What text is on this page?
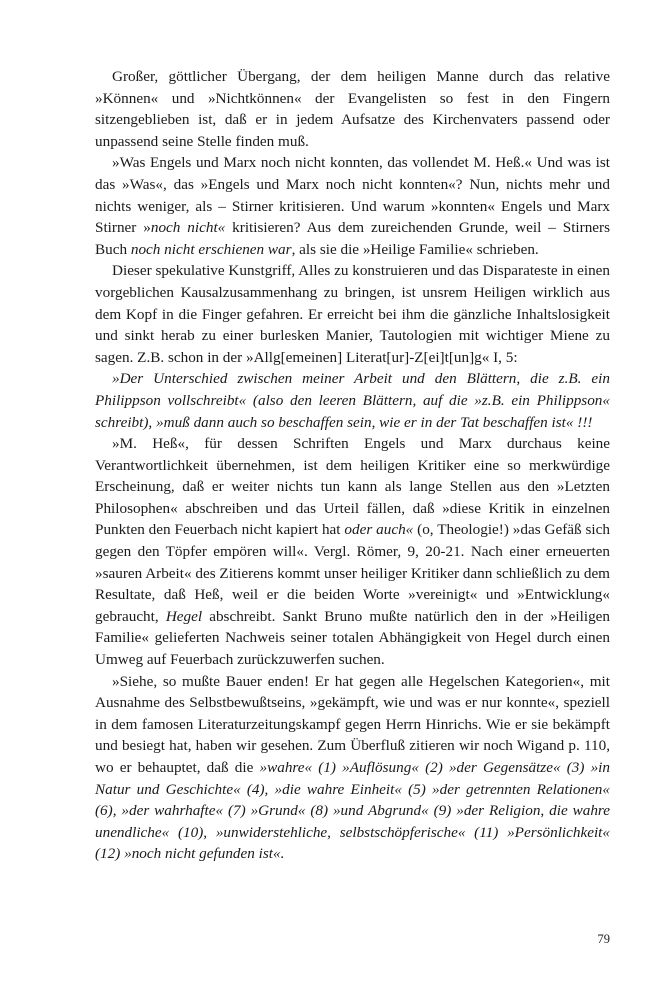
Großer, göttlicher Übergang, der dem heiligen Manne durch das relative »Können« und »Nichtkönnen« der Evangelisten so fest in den Fingern sitzengeblieben ist, daß er in jedem Aufsatze des Kirchenvaters passend oder unpassend seine Stelle finden muß.

»Was Engels und Marx noch nicht konnten, das vollendet M. Heß.« Und was ist das »Was«, das »Engels und Marx noch nicht konnten«? Nun, nichts mehr und nichts weniger, als – Stirner kritisieren. Und warum »konnten« Engels und Marx Stirner »noch nicht« kritisieren? Aus dem zureichenden Grunde, weil – Stirners Buch noch nicht erschienen war, als sie die »Heilige Familie« schrieben.

Dieser spekulative Kunstgriff, Alles zu konstruieren und das Disparateste in einen vorgeblichen Kausalzusammenhang zu bringen, ist unsrem Heiligen wirklich aus dem Kopf in die Finger gefahren. Er erreicht bei ihm die gänzliche Inhaltslosigkeit und sinkt herab zu einer burlesken Manier, Tautologien mit wichtiger Miene zu sagen. Z.B. schon in der »Allg[emeinen] Literat[ur]-Z[ei]t[un]g« I, 5:

»Der Unterschied zwischen meiner Arbeit und den Blättern, die z.B. ein Philippson vollschreibt« (also den leeren Blättern, auf die »z.B. ein Philippson« schreibt), »muß dann auch so beschaffen sein, wie er in der Tat beschaffen ist« !!!

»M. Heß«, für dessen Schriften Engels und Marx durchaus keine Verantwortlichkeit übernehmen, ist dem heiligen Kritiker eine so merkwürdige Erscheinung, daß er weiter nichts tun kann als lange Stellen aus den »Letzten Philosophen« abschreiben und das Urteil fällen, daß »diese Kritik in einzelnen Punkten den Feuerbach nicht kapiert hat oder auch« (o, Theologie!) »das Gefäß sich gegen den Töpfer empören will«. Vergl. Römer, 9, 20-21. Nach einer erneuerten »sauren Arbeit« des Zitierens kommt unser heiliger Kritiker dann schließlich zu dem Resultate, daß Heß, weil er die beiden Worte »vereinigt« und »Entwicklung« gebraucht, Hegel abschreibt. Sankt Bruno mußte natürlich den in der »Heiligen Familie« gelieferten Nachweis seiner totalen Abhängigkeit von Hegel durch einen Umweg auf Feuerbach zurückzuwerfen suchen.

»Siehe, so mußte Bauer enden! Er hat gegen alle Hegelschen Kategorien«, mit Ausnahme des Selbstbewußtseins, »gekämpft, wie und was er nur konnte«, speziell in dem famosen Literaturzeitungskampf gegen Herrn Hinrichs. Wie er sie bekämpft und besiegt hat, haben wir gesehen. Zum Überfluß zitieren wir noch Wigand p. 110, wo er behauptet, daß die »wahre« (1) »Auflösung« (2) »der Gegensätze« (3) »in Natur und Geschichte« (4), »die wahre Einheit« (5) »der getrennten Relationen« (6), »der wahrhafte« (7) »Grund« (8) »und Abgrund« (9) »der Religion, die wahre unendliche« (10), »unwiderstehliche, selbstschöpferische« (11) »Persönlichkeit« (12) »noch nicht gefunden ist«.

79
